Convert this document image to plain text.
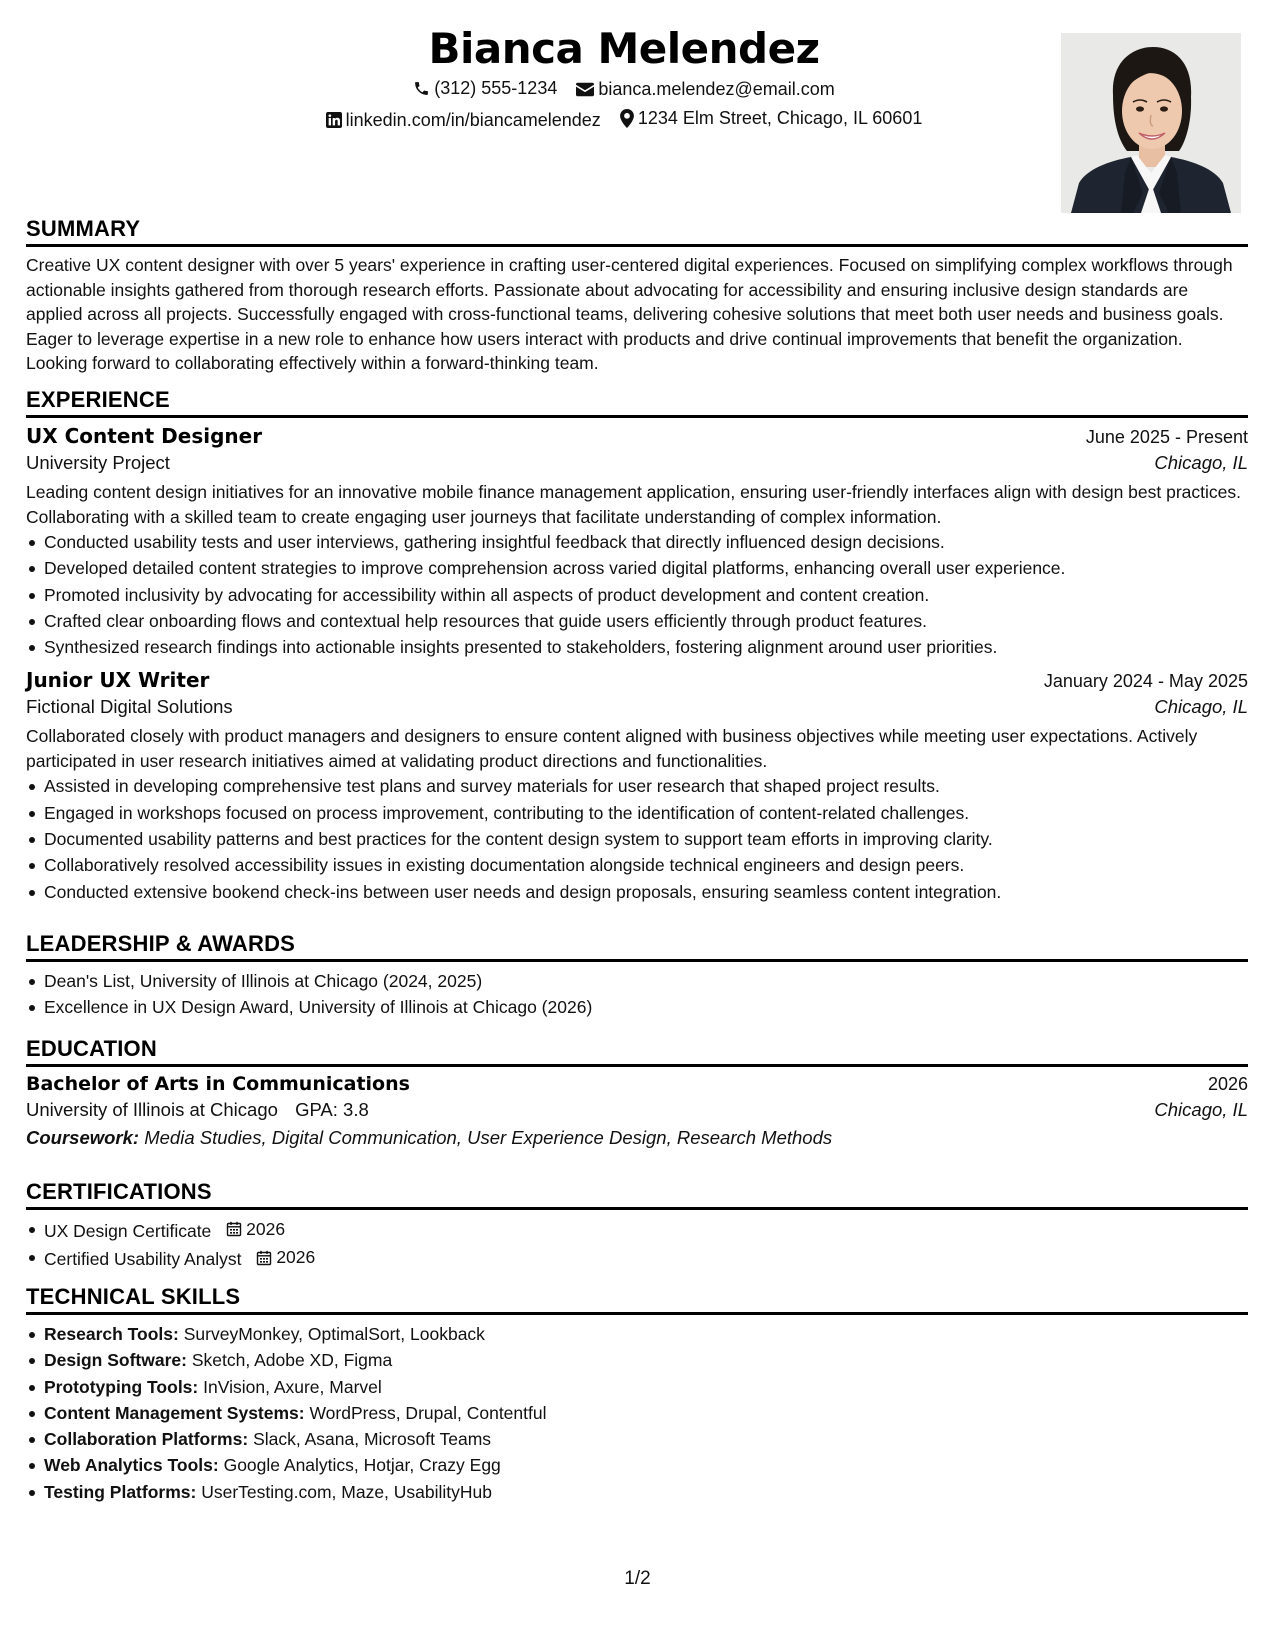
Bianca Melendez
(312) 555-1234
bianca.melendez@email.com
linkedin.com/in/biancamelendez
1234 Elm Street, Chicago, IL 60601
SUMMARY
Creative UX content designer with over 5 years' experience in crafting user-centered digital experiences. Focused on simplifying complex workflows through actionable insights gathered from thorough research efforts. Passionate about advocating for accessibility and ensuring inclusive design standards are applied across all projects. Successfully engaged with cross-functional teams, delivering cohesive solutions that meet both user needs and business goals. Eager to leverage expertise in a new role to enhance how users interact with products and drive continual improvements that benefit the organization. Looking forward to collaborating effectively within a forward-thinking team.
EXPERIENCE
UX Content Designer	June 2025 - Present
University Project	Chicago, IL
Leading content design initiatives for an innovative mobile finance management application, ensuring user-friendly interfaces align with design best practices. Collaborating with a skilled team to create engaging user journeys that facilitate understanding of complex information.
Conducted usability tests and user interviews, gathering insightful feedback that directly influenced design decisions.
Developed detailed content strategies to improve comprehension across varied digital platforms, enhancing overall user experience.
Promoted inclusivity by advocating for accessibility within all aspects of product development and content creation.
Crafted clear onboarding flows and contextual help resources that guide users efficiently through product features.
Synthesized research findings into actionable insights presented to stakeholders, fostering alignment around user priorities.
Junior UX Writer	January 2024 - May 2025
Fictional Digital Solutions	Chicago, IL
Collaborated closely with product managers and designers to ensure content aligned with business objectives while meeting user expectations. Actively participated in user research initiatives aimed at validating product directions and functionalities.
Assisted in developing comprehensive test plans and survey materials for user research that shaped project results.
Engaged in workshops focused on process improvement, contributing to the identification of content-related challenges.
Documented usability patterns and best practices for the content design system to support team efforts in improving clarity.
Collaboratively resolved accessibility issues in existing documentation alongside technical engineers and design peers.
Conducted extensive bookend check-ins between user needs and design proposals, ensuring seamless content integration.
LEADERSHIP & AWARDS
Dean's List, University of Illinois at Chicago (2024, 2025)
Excellence in UX Design Award, University of Illinois at Chicago (2026)
EDUCATION
Bachelor of Arts in Communications	2026
University of Illinois at Chicago GPA: 3.8	Chicago, IL
Coursework: Media Studies, Digital Communication, User Experience Design, Research Methods
CERTIFICATIONS
UX Design Certificate 2026
Certified Usability Analyst 2026
TECHNICAL SKILLS
Research Tools: SurveyMonkey, OptimalSort, Lookback
Design Software: Sketch, Adobe XD, Figma
Prototyping Tools: InVision, Axure, Marvel
Content Management Systems: WordPress, Drupal, Contentful
Collaboration Platforms: Slack, Asana, Microsoft Teams
Web Analytics Tools: Google Analytics, Hotjar, Crazy Egg
Testing Platforms: UserTesting.com, Maze, UsabilityHub
1/2
